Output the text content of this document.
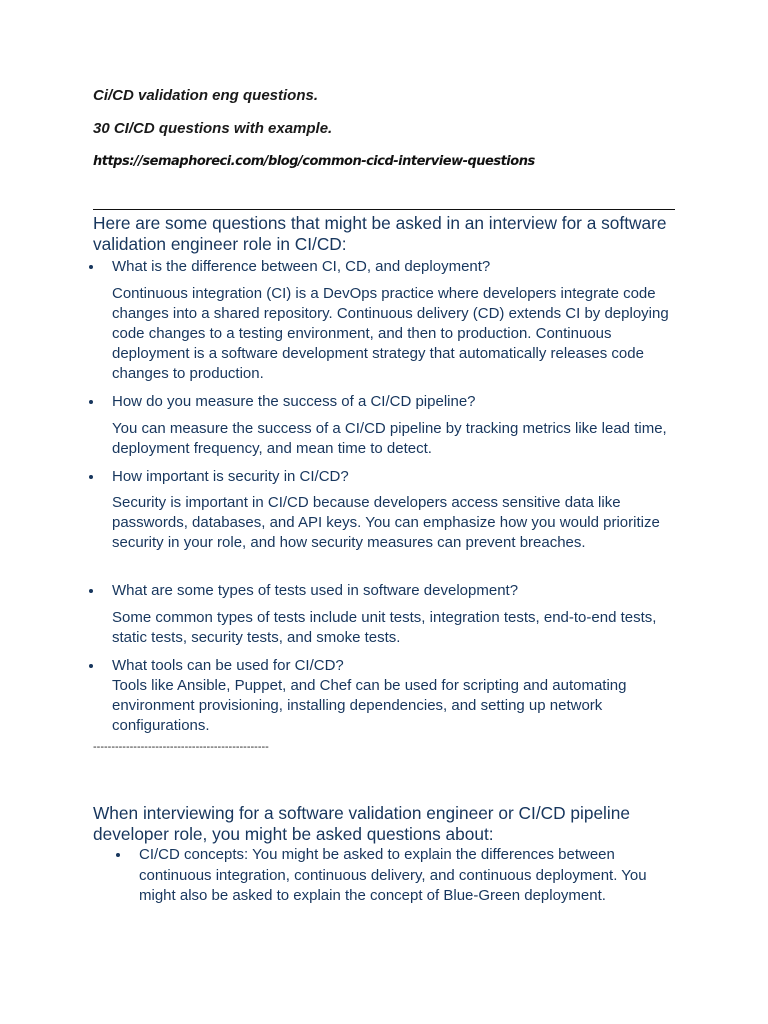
Ci/CD validation eng questions.

30 CI/CD questions with example.

https://semaphoreci.com/blog/common-cicd-interview-questions

Here are some questions that might be asked in an interview for a software validation engineer role in CI/CD:

What is the difference between CI, CD, and deployment?

Continuous integration (CI) is a DevOps practice where developers integrate code changes into a shared repository. Continuous delivery (CD) extends CI by deploying code changes to a testing environment, and then to production. Continuous deployment is a software development strategy that automatically releases code changes to production.

How do you measure the success of a CI/CD pipeline?

You can measure the success of a CI/CD pipeline by tracking metrics like lead time, deployment frequency, and mean time to detect.

How important is security in CI/CD?

Security is important in CI/CD because developers access sensitive data like passwords, databases, and API keys. You can emphasize how you would prioritize security in your role, and how security measures can prevent breaches.

What are some types of tests used in software development?

Some common types of tests include unit tests, integration tests, end-to-end tests, static tests, security tests, and smoke tests.

What tools can be used for CI/CD?

Tools like Ansible, Puppet, and Chef can be used for scripting and automating environment provisioning, installing dependencies, and setting up network configurations.

------------------------------------------------

When interviewing for a software validation engineer or CI/CD pipeline developer role, you might be asked questions about:

CI/CD concepts: You might be asked to explain the differences between continuous integration, continuous delivery, and continuous deployment. You might also be asked to explain the concept of Blue-Green deployment.
